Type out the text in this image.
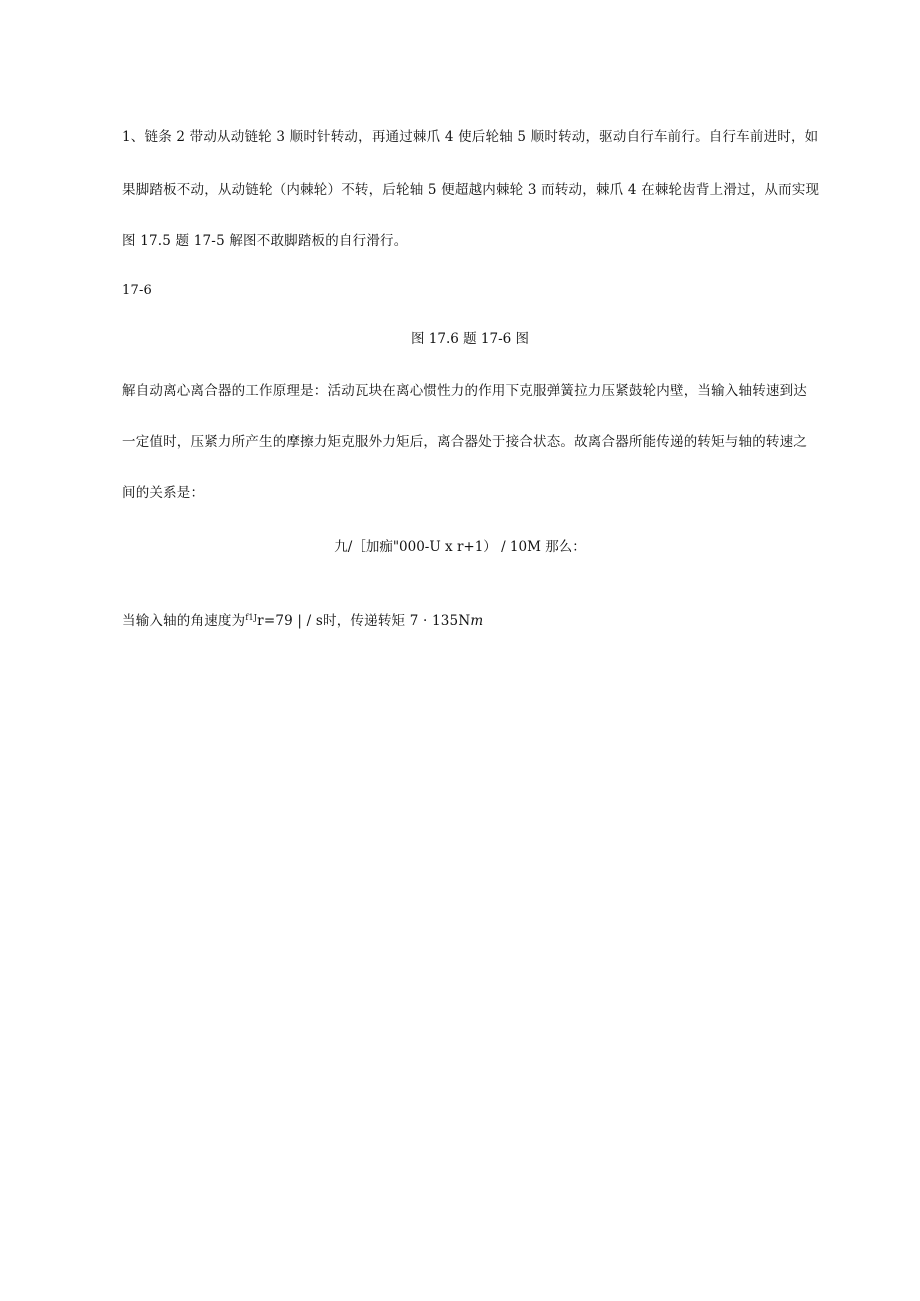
1、链条 2 带动从动链轮 3 顺时针转动，再通过棘爪 4 使后轮轴 5 顺时转动，驱动自行车前行。自行车前进时，如
果脚踏板不动，从动链轮（内棘轮）不转，后轮轴 5 便超越内棘轮 3 而转动，棘爪 4 在棘轮齿背上滑过，从而实现
图 17.5 题 17-5 解图不敢脚踏板的自行滑行。
17-6
图 17.6 题 17-6 图
解自动离心离合器的工作原理是：活动瓦块在离心惯性力的作用下克服弹簧拉力压紧鼓轮内壁，当输入轴转速到达
一定值时，压紧力所产生的摩擦力矩克服外力矩后，离合器处于接合状态。故离合器所能传递的转矩与轴的转速之
间的关系是：
九/［加痂"000-U x r+1） / 10M 那么：
当输入轴的角速度为$^{f1J}$r=79 | / s时，传递转矩 7 · 135Nm
